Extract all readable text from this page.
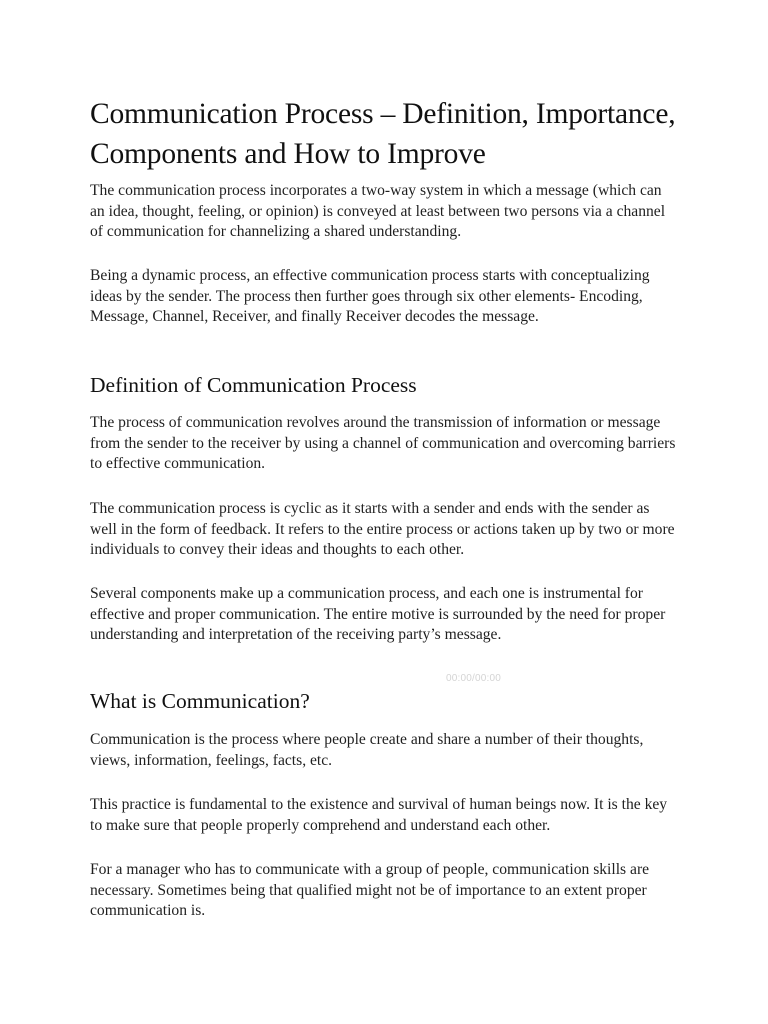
Communication Process – Definition, Importance, Components and How to Improve

The communication process incorporates a two-way system in which a message (which can an idea, thought, feeling, or opinion) is conveyed at least between two persons via a channel of communication for channelizing a shared understanding.

Being a dynamic process, an effective communication process starts with conceptualizing ideas by the sender. The process then further goes through six other elements- Encoding, Message, Channel, Receiver, and finally Receiver decodes the message.

Definition of Communication Process

The process of communication revolves around the transmission of information or message from the sender to the receiver by using a channel of communication and overcoming barriers to effective communication.

The communication process is cyclic as it starts with a sender and ends with the sender as well in the form of feedback. It refers to the entire process or actions taken up by two or more individuals to convey their ideas and thoughts to each other.

Several components make up a communication process, and each one is instrumental for effective and proper communication. The entire motive is surrounded by the need for proper understanding and interpretation of the receiving party’s message.

What is Communication?

Communication is the process where people create and share a number of their thoughts, views, information, feelings, facts, etc.

This practice is fundamental to the existence and survival of human beings now. It is the key to make sure that people properly comprehend and understand each other.

For a manager who has to communicate with a group of people, communication skills are necessary. Sometimes being that qualified might not be of importance to an extent proper communication is.

00:00/00:00
